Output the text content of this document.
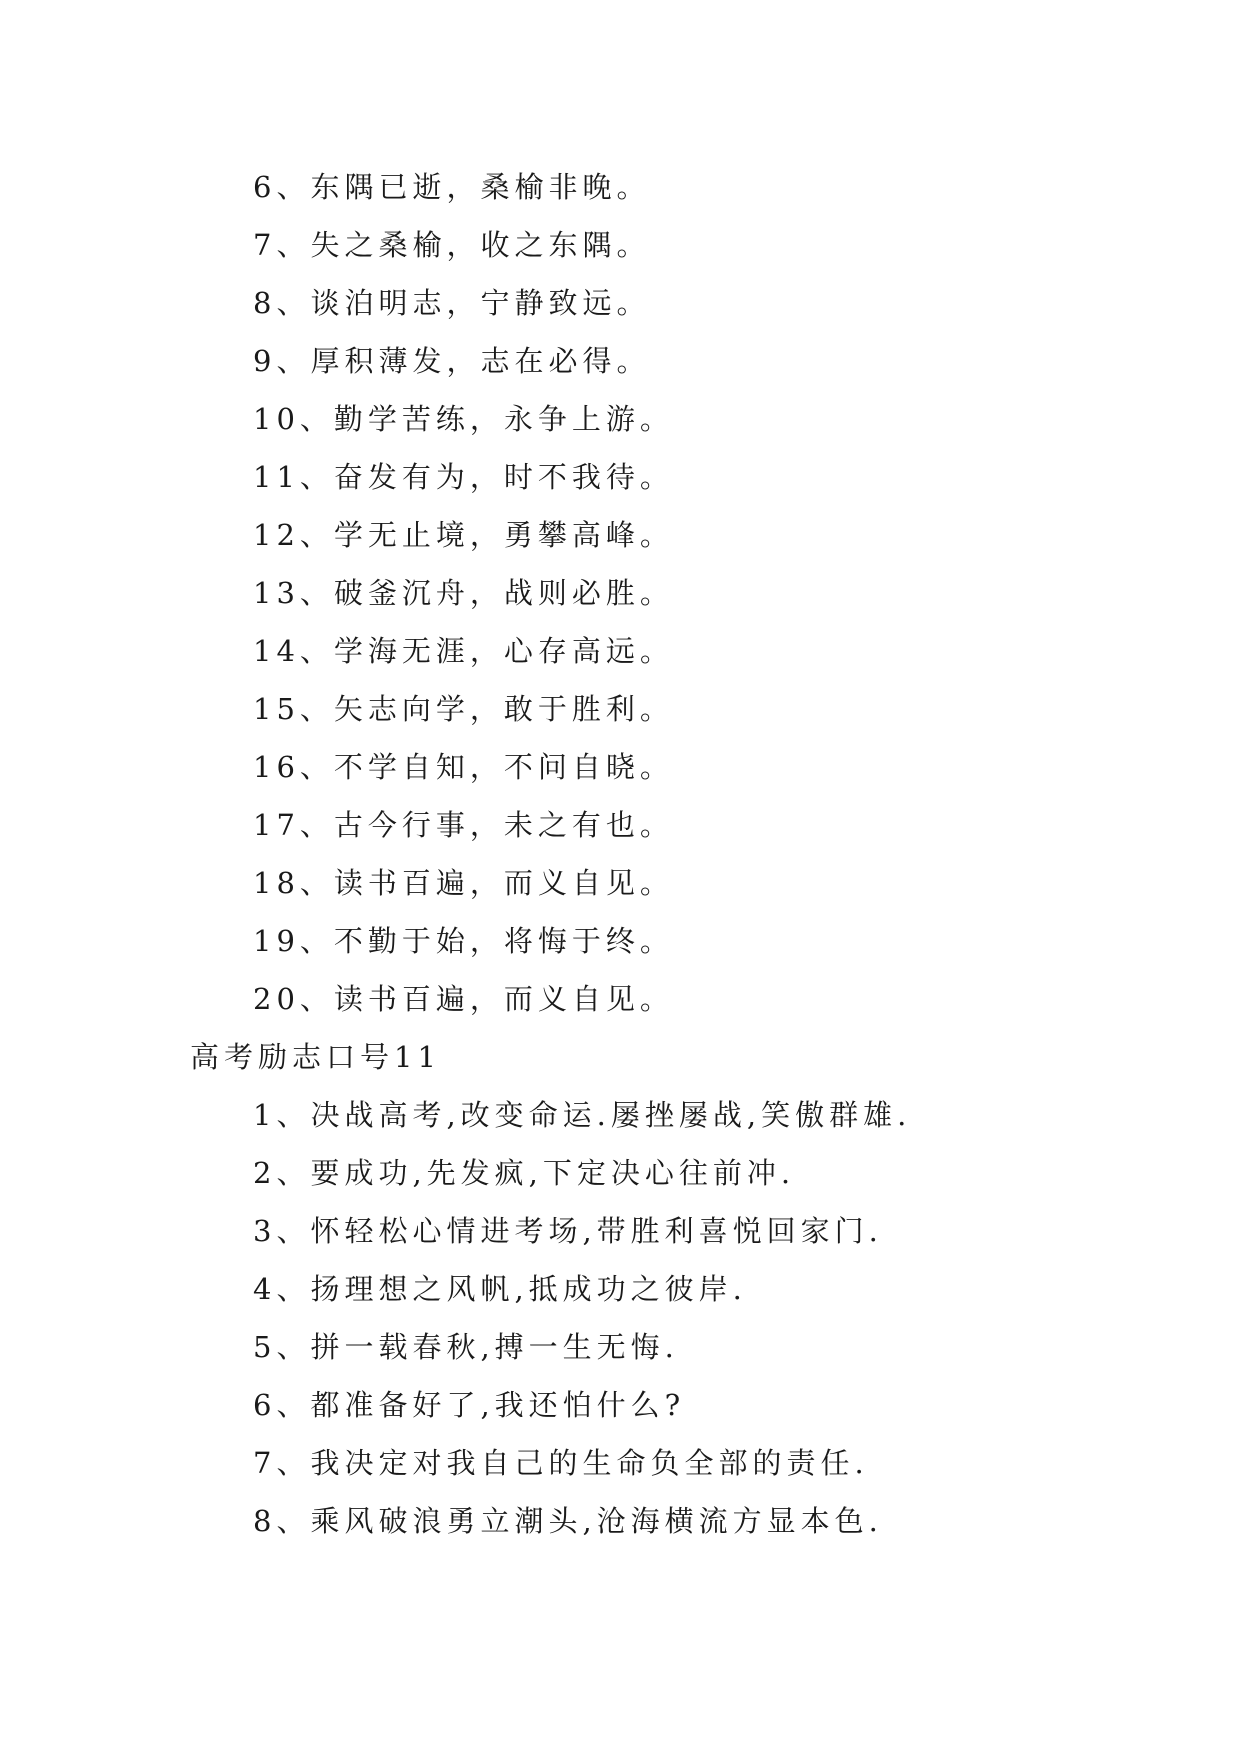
6、东隅已逝，桑榆非晚。
7、失之桑榆，收之东隅。
8、谈泊明志，宁静致远。
9、厚积薄发，志在必得。
10、勤学苦练，永争上游。
11、奋发有为，时不我待。
12、学无止境，勇攀高峰。
13、破釜沉舟，战则必胜。
14、学海无涯，心存高远。
15、矢志向学，敢于胜利。
16、不学自知，不问自晓。
17、古今行事，未之有也。
18、读书百遍，而义自见。
19、不勤于始，将悔于终。
20、读书百遍，而义自见。
高考励志口号11
1、决战高考,改变命运.屡挫屡战,笑傲群雄.
2、要成功,先发疯,下定决心往前冲.
3、怀轻松心情进考场,带胜利喜悦回家门.
4、扬理想之风帆,抵成功之彼岸.
5、拼一载春秋,搏一生无悔.
6、都准备好了,我还怕什么?
7、我决定对我自己的生命负全部的责任.
8、乘风破浪勇立潮头,沧海横流方显本色.
